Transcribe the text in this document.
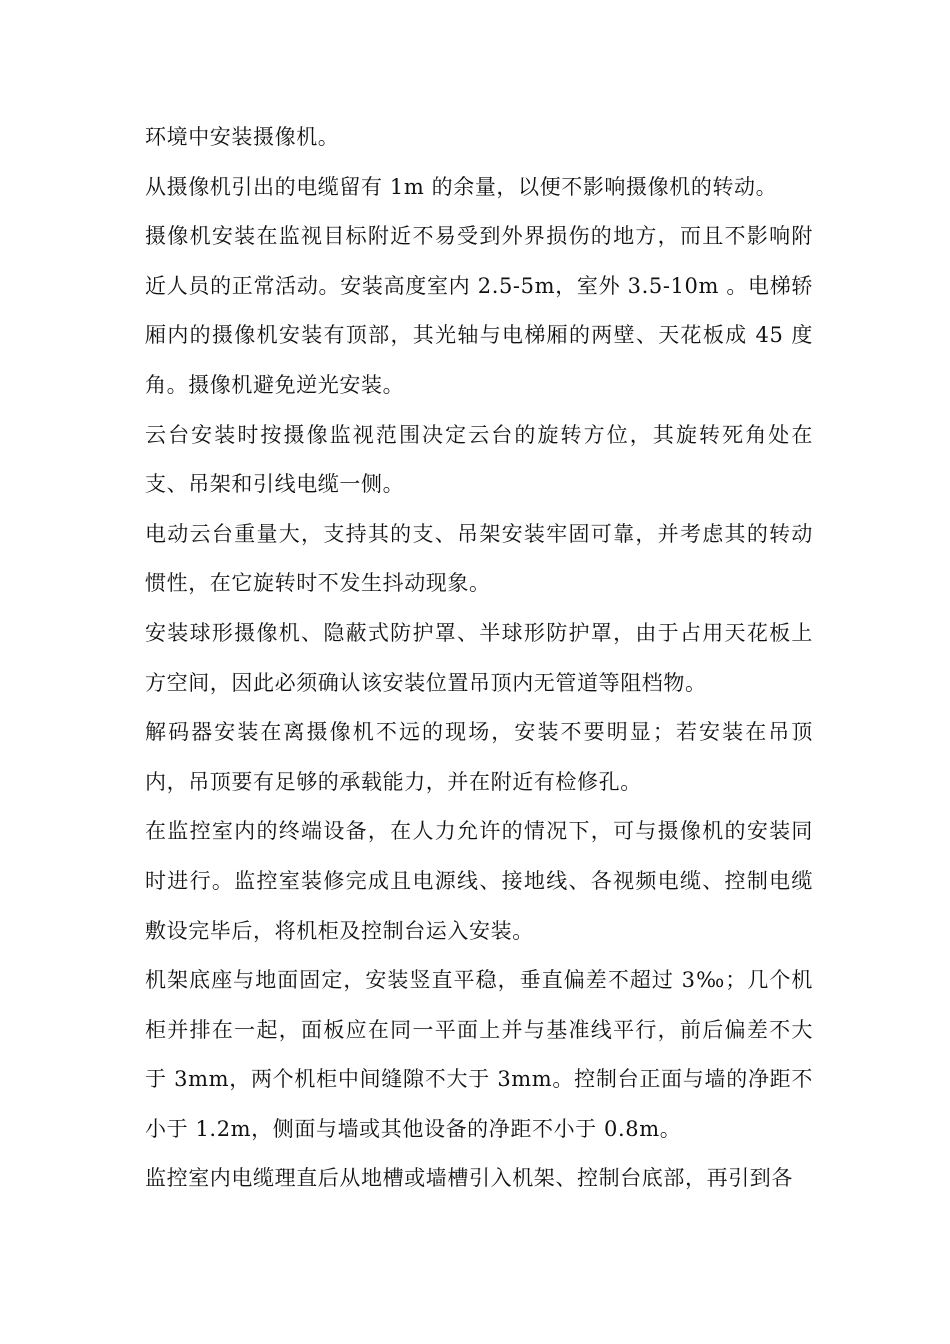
环境中安装摄像机。

从摄像机引出的电缆留有 1m 的余量，以便不影响摄像机的转动。

摄像机安装在监视目标附近不易受到外界损伤的地方，而且不影响附近人员的正常活动。安装高度室内 2.5-5m，室外 3.5-10m 。电梯轿厢内的摄像机安装有顶部，其光轴与电梯厢的两壁、天花板成 45 度角。摄像机避免逆光安装。

云台安装时按摄像监视范围决定云台的旋转方位，其旋转死角处在支、吊架和引线电缆一侧。

电动云台重量大，支持其的支、吊架安装牢固可靠，并考虑其的转动惯性，在它旋转时不发生抖动现象。

安装球形摄像机、隐蔽式防护罩、半球形防护罩，由于占用天花板上方空间，因此必须确认该安装位置吊顶内无管道等阻档物。

解码器安装在离摄像机不远的现场，安装不要明显；若安装在吊顶内，吊顶要有足够的承载能力，并在附近有检修孔。

在监控室内的终端设备，在人力允许的情况下，可与摄像机的安装同时进行。监控室装修完成且电源线、接地线、各视频电缆、控制电缆敷设完毕后，将机柜及控制台运入安装。

机架底座与地面固定，安装竖直平稳，垂直偏差不超过 3‰；几个机柜并排在一起，面板应在同一平面上并与基准线平行，前后偏差不大于 3mm，两个机柜中间缝隙不大于 3mm。控制台正面与墙的净距不小于 1.2m，侧面与墙或其他设备的净距不小于 0.8m。

监控室内电缆理直后从地槽或墙槽引入机架、控制台底部，再引到各
